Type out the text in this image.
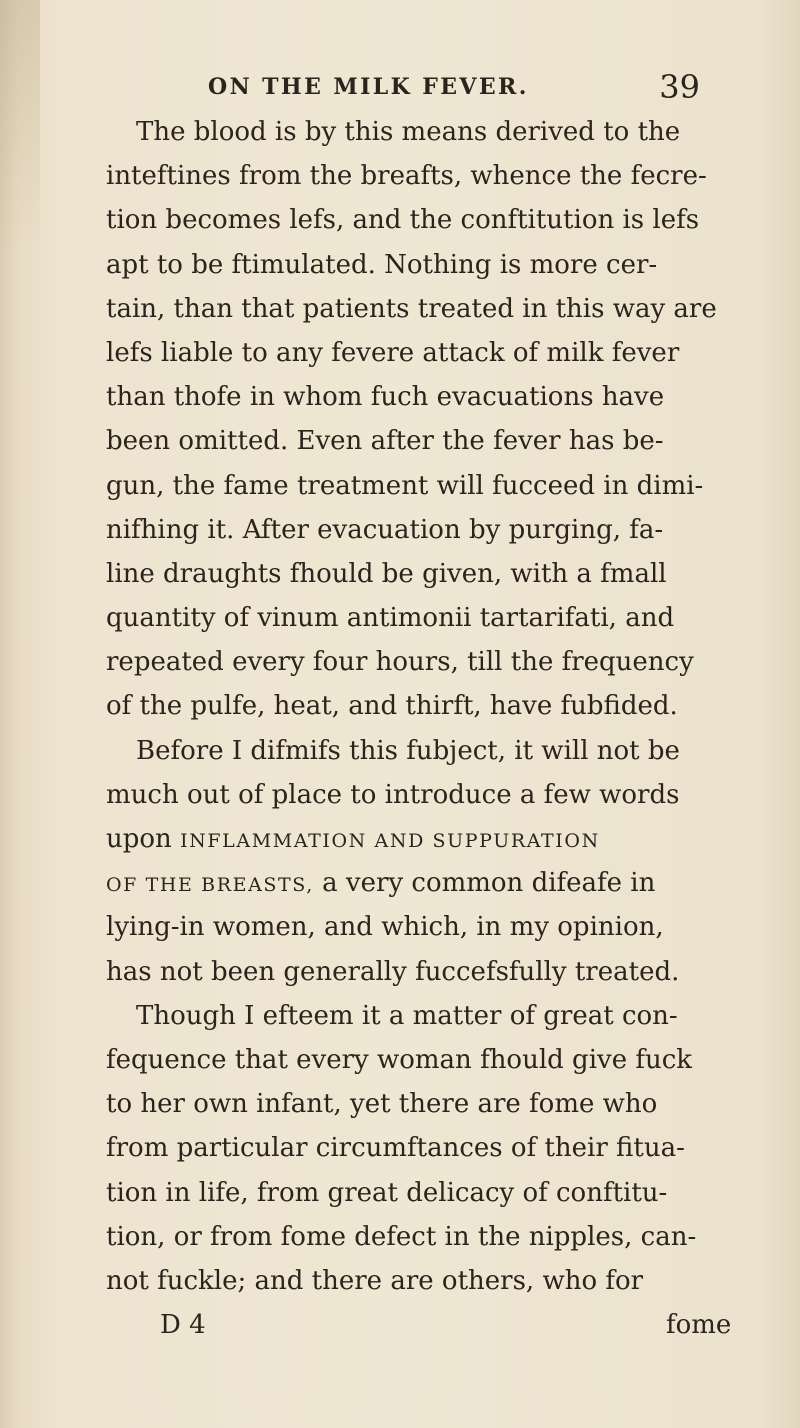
ON THE MILK FEVER.	39
The blood is by this means derived to the
inteftines from the breafts, whence the fecre-
tion becomes lefs, and the conftitution is lefs
apt to be ftimulated. Nothing is more cer-
tain, than that patients treated in this way are
lefs liable to any fevere attack of milk fever
than thofe in whom fuch evacuations have
been omitted. Even after the fever has be-
gun, the fame treatment will fucceed in dimi-
nifhing it. After evacuation by purging, fa-
line draughts fhould be given, with a fmall
quantity of vinum antimonii tartarifati, and
repeated every four hours, till the frequency
of the pulfe, heat, and thirft, have fubfided.
Before I difmifs this fubject, it will not be
much out of place to introduce a few words
upon INFLAMMATION AND SUPPURATION
OF THE BREASTS, a very common difeafe in
lying-in women, and which, in my opinion,
has not been generally fuccefsfully treated.
Though I efteem it a matter of great con-
fequence that every woman fhould give fuck
to her own infant, yet there are fome who
from particular circumftances of their fitua-
tion in life, from great delicacy of conftitu-
tion, or from fome defect in the nipples, can-
not fuckle; and there are others, who for
D 4	fome
